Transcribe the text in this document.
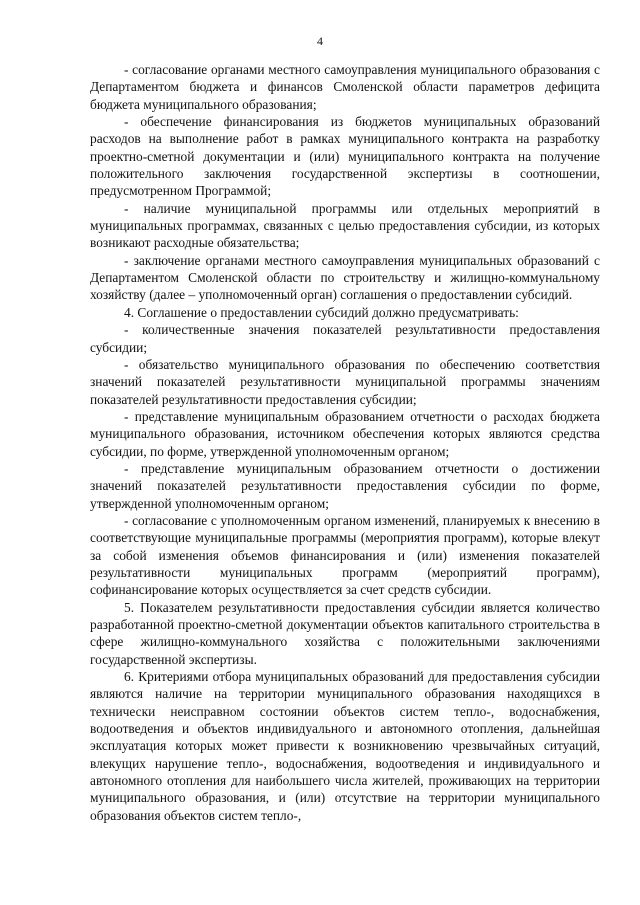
4

- согласование органами местного самоуправления муниципального образования с Департаментом бюджета и финансов Смоленской области параметров дефицита бюджета муниципального образования;

- обеспечение финансирования из бюджетов муниципальных образований расходов на выполнение работ в рамках муниципального контракта на разработку проектно-сметной документации и (или) муниципального контракта на получение положительного заключения государственной экспертизы в соотношении, предусмотренном Программой;

- наличие муниципальной программы или отдельных мероприятий в муниципальных программах, связанных с целью предоставления субсидии, из которых возникают расходные обязательства;

- заключение органами местного самоуправления муниципальных образований с Департаментом Смоленской области по строительству и жилищно-коммунальному хозяйству (далее – уполномоченный орган) соглашения о предоставлении субсидий.

4. Соглашение о предоставлении субсидий должно предусматривать:

- количественные значения показателей результативности предоставления субсидии;

- обязательство муниципального образования по обеспечению соответствия значений показателей результативности муниципальной программы значениям показателей результативности предоставления субсидии;

- представление муниципальным образованием отчетности о расходах бюджета муниципального образования, источником обеспечения которых являются средства субсидии, по форме, утвержденной уполномоченным органом;

- представление муниципальным образованием отчетности о достижении значений показателей результативности предоставления субсидии по форме, утвержденной уполномоченным органом;

- согласование с уполномоченным органом изменений, планируемых к внесению в соответствующие муниципальные программы (мероприятия программ), которые влекут за собой изменения объемов финансирования и (или) изменения показателей результативности муниципальных программ (мероприятий программ), софинансирование которых осуществляется за счет средств субсидии.

5. Показателем результативности предоставления субсидии является количество разработанной проектно-сметной документации объектов капитального строительства в сфере жилищно-коммунального хозяйства с положительными заключениями государственной экспертизы.

6. Критериями отбора муниципальных образований для предоставления субсидии являются наличие на территории муниципального образования находящихся в технически неисправном состоянии объектов систем тепло-, водоснабжения, водоотведения и объектов индивидуального и автономного отопления, дальнейшая эксплуатация которых может привести к возникновению чрезвычайных ситуаций, влекущих нарушение тепло-, водоснабжения, водоотведения и индивидуального и автономного отопления для наибольшего числа жителей, проживающих на территории муниципального образования, и (или) отсутствие на территории муниципального образования объектов систем тепло-,
